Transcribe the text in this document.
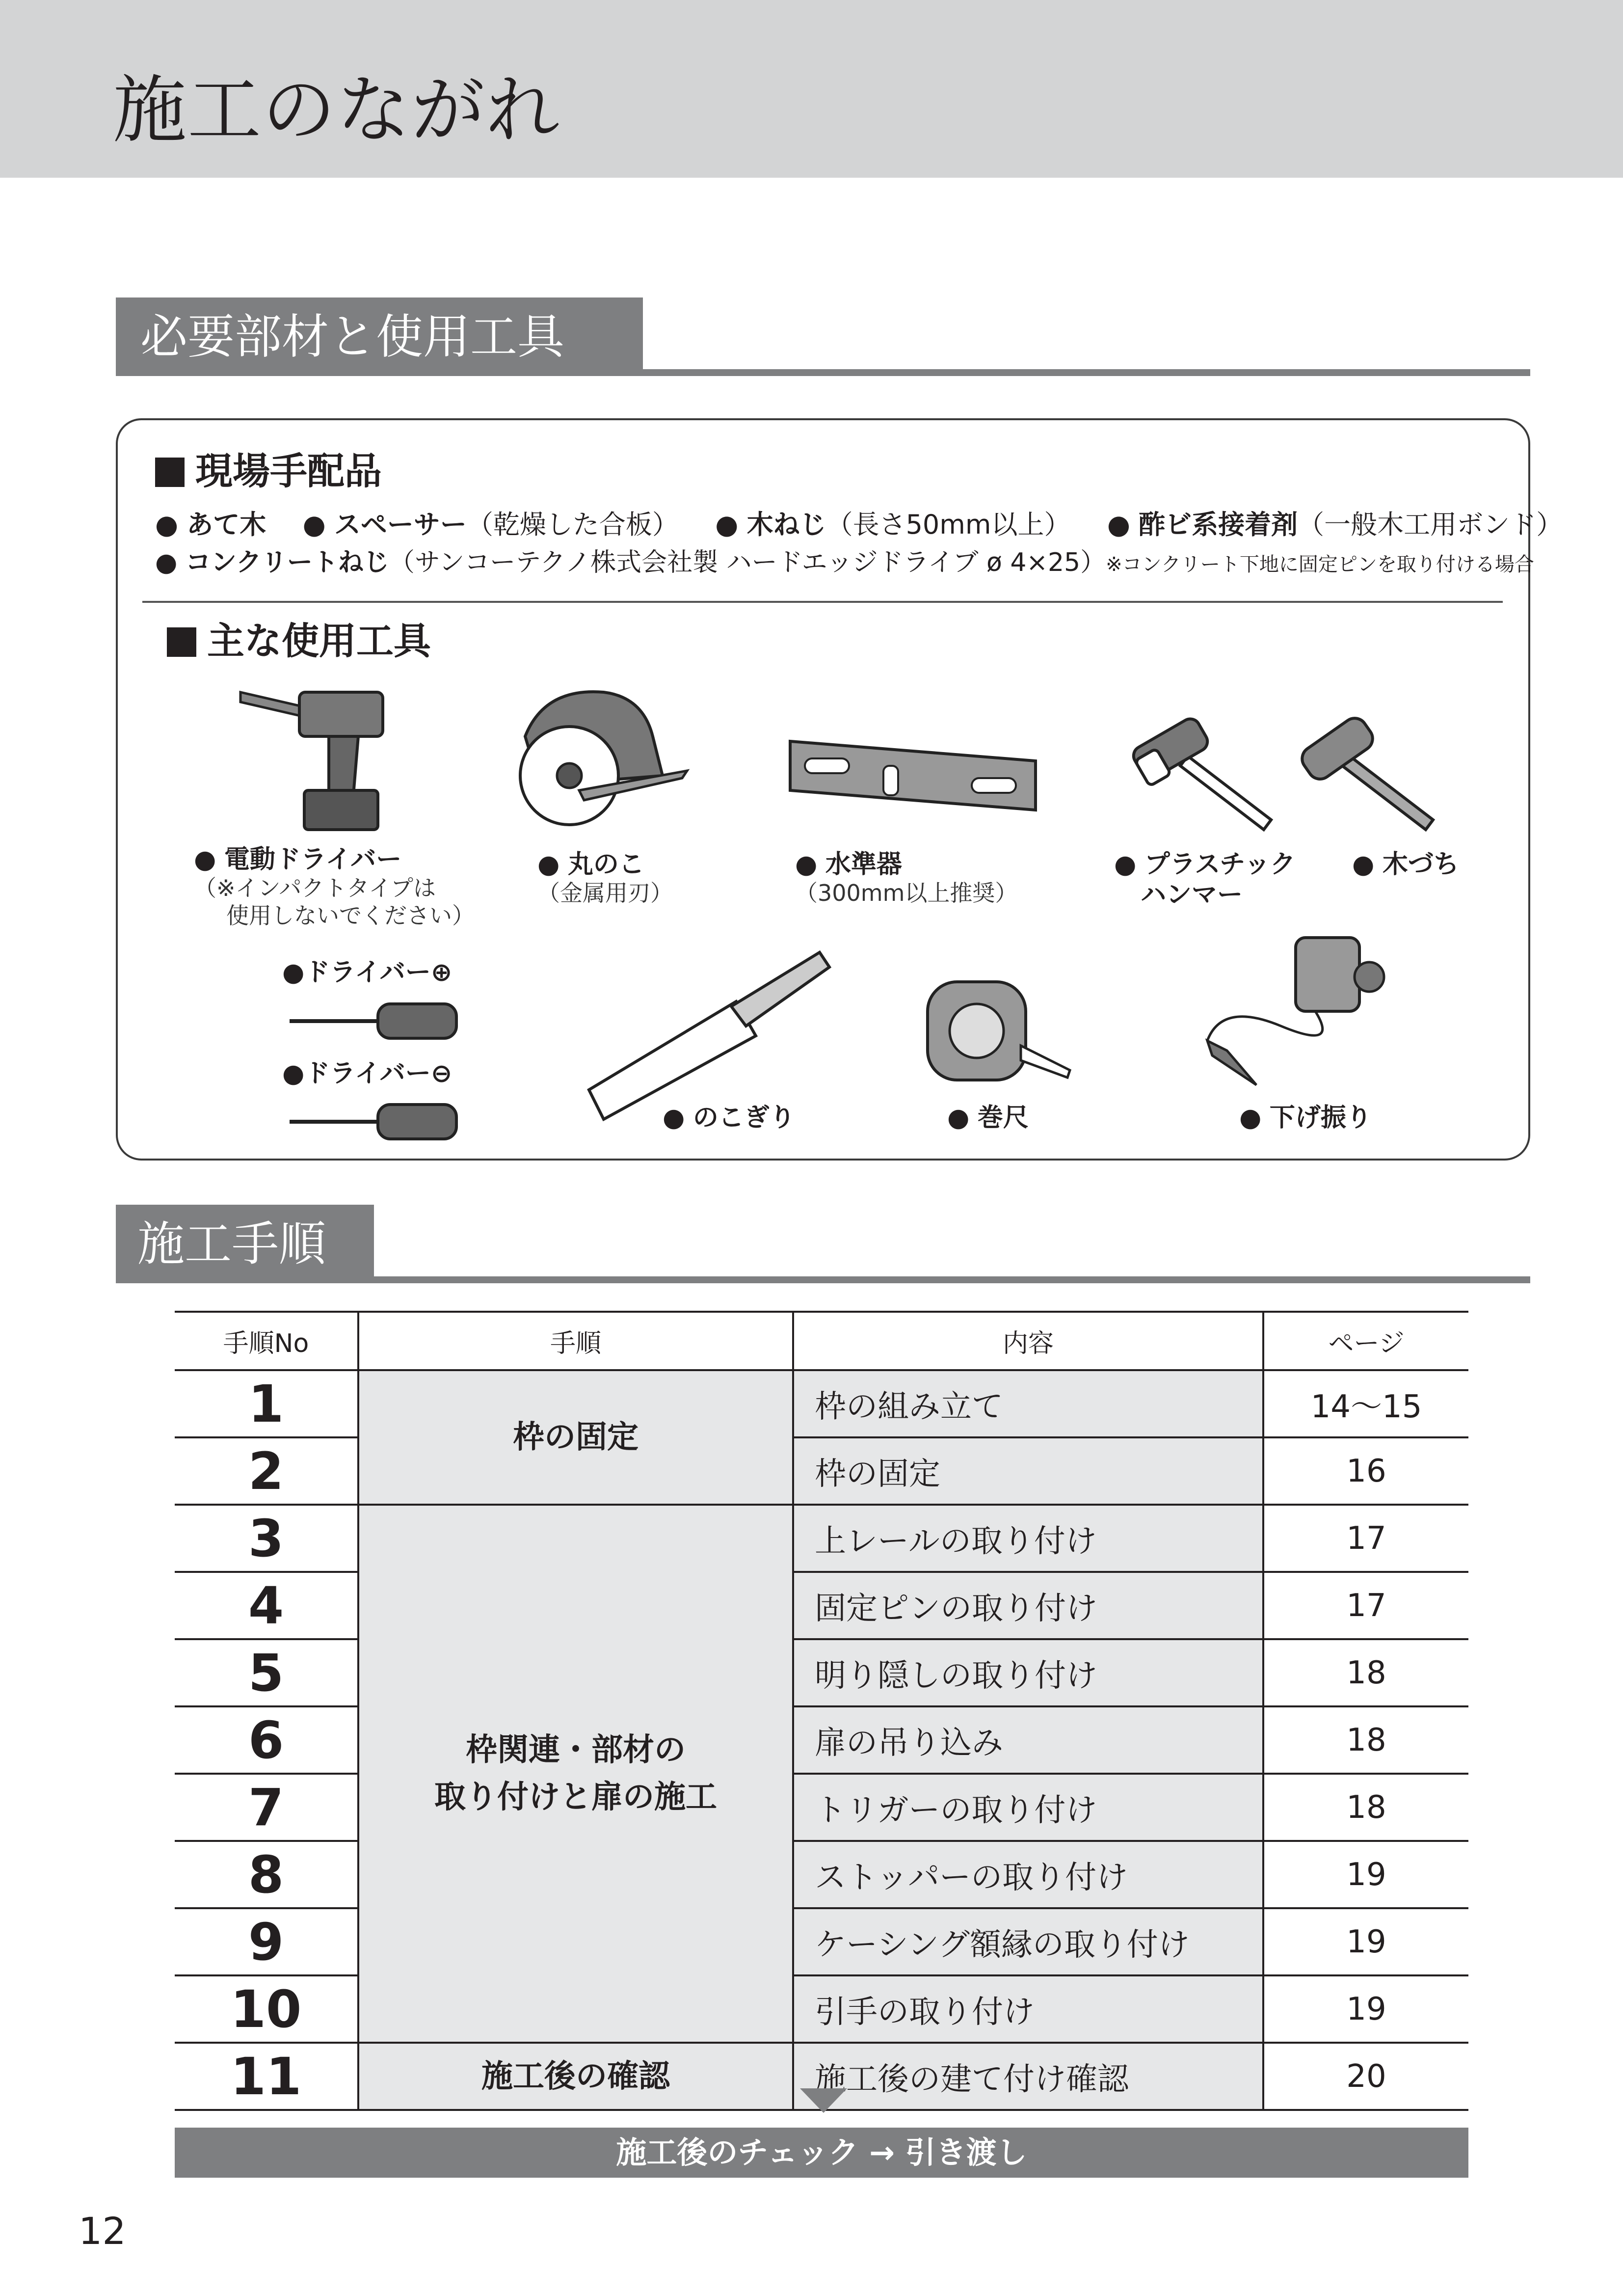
施工のながれ
必要部材と使用工具
現場手配品
● あて木 ● スペーサー（乾燥した合板） ● 木ねじ（長さ50mm以上） ● 酢ビ系接着剤（一般木工用ボンド）
● コンクリートねじ（サンコーテクノ株式会社製 ハードエッジドライブ ø 4×25）※コンクリート下地に固定ピンを取り付ける場合
主な使用工具
● 電動ドライバー
（※インパクトタイプは
使用しないでください）
● 丸のこ
（金属用刃）
● 水準器
（300mm以上推奨）
● プラスチック
ハンマー
● 木づち
●ドライバー⊕
●ドライバー⊖
● のこぎり	● 巻尺	● 下げ振り
施工手順
手順No	手順	内容	ページ
1	枠の固定	枠の組み立て	14〜15
2		枠の固定	16
3	枠関連・部材の
取り付けと扉の施工	上レールの取り付け	17
4		固定ピンの取り付け	17
5		明り隠しの取り付け	18
6		扉の吊り込み	18
7		トリガーの取り付け	18
8		ストッパーの取り付け	19
9		ケーシング額縁の取り付け	19
10		引手の取り付け	19
11	施工後の確認	施工後の建て付け確認	20
施工後のチェック → 引き渡し
12
